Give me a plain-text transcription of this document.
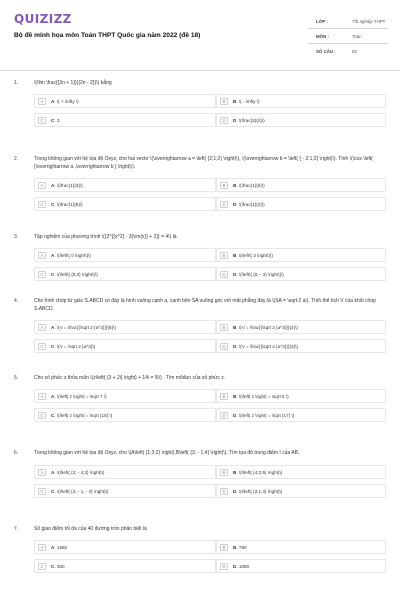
QUIZIZZ
Bộ đề minh họa môn Toán THPT Quốc gia năm 2022 (đề 18)
LỚP :	Tốt nghiệp THPT
MÔN :	Toán
SỐ CÂU :	50
1.	\(\lim \frac{{3n + 1}}{{2n - 2}}\) bằng
A	A. \( + \infty \)	B	B. \( - \infty \)
C	C. 3	D	D. \(\frac{3}{2}\)
2.	Trong không gian với hệ tọa độ Oxyz, cho hai vectơ \(\overrightarrow a = \left( {2;1;2} \right)\), \(\overrightarrow b = \left( { - 2;1;2} \right)\). Tính \(\cos \left( {\overrightarrow a ,\overrightarrow b } \right)\).
A	A. \(\frac{1}{3}\)	B	B. \(\frac{1}{6}\)
C	C. \(\frac{1}{9}\)	D	D. \(\frac{1}{2}\)
3.	Tập nghiệm của phương trình \({2^{{x^2} - 3{\rm{x}} + 2}} = 4\) là
A	A. \(\left\{ 0 \right\}\)	B	B. \(\left\{ 3 \right\}\)
C	C. \(\left\{ {0;3} \right\}\)	D	D. \(\left\{ {0; - 3} \right\}\)
4.	Cho hình chóp tứ giác S.ABCD có đáy là hình vuông cạnh a, cạnh bên SA vuông góc với mặt phẳng đáy là \(SA = \sqrt 2 a\). Tính thể tích V của khối chóp S.ABCD.
A	A. \(V = \frac{{\sqrt 2 {a^3}}}{6}\)	B	B. \(V = \frac{{\sqrt 2 {a^3}}}{4}\)
C	C. \(V = \sqrt 2 {a^3}\)	D	D. \(V = \frac{{\sqrt 2 {a^3}}}{3}\)
5.	Cho số phức z thỏa mãn \(z\left( {3 + 2i} \right) + 14i = 5i\) . Tìm môđun của số phức z.
A	A. \(\left| z \right| = \sqrt 7 \)	B	B. \(\left| z \right| = \sqrt 5 \)
C	C. \(\left| z \right| = \sqrt {15} \)	D	D. \(\left| z \right| = \sqrt {17} \)
6.	Trong không gian với hệ tọa độ Oxyz, cho \(A\left( {1;3;2} \right),B\left( {3; - 1;4} \right)\). Tìm tọa độ trung điểm I của AB.
A	A. \(I\left( {2; - 4;2} \right)\)	B	B. \(I\left( {4;2;6} \right)\)
C	C. \(I\left( {2; - 1; - 3} \right)\)	D	D. \(I\left( {2;1;3} \right)\)
7.	Số giao điểm tối đa của 40 đường tròn phân biệt là
A	A. 1560	B	B. 780
C	C. 360	D	D. 1080
